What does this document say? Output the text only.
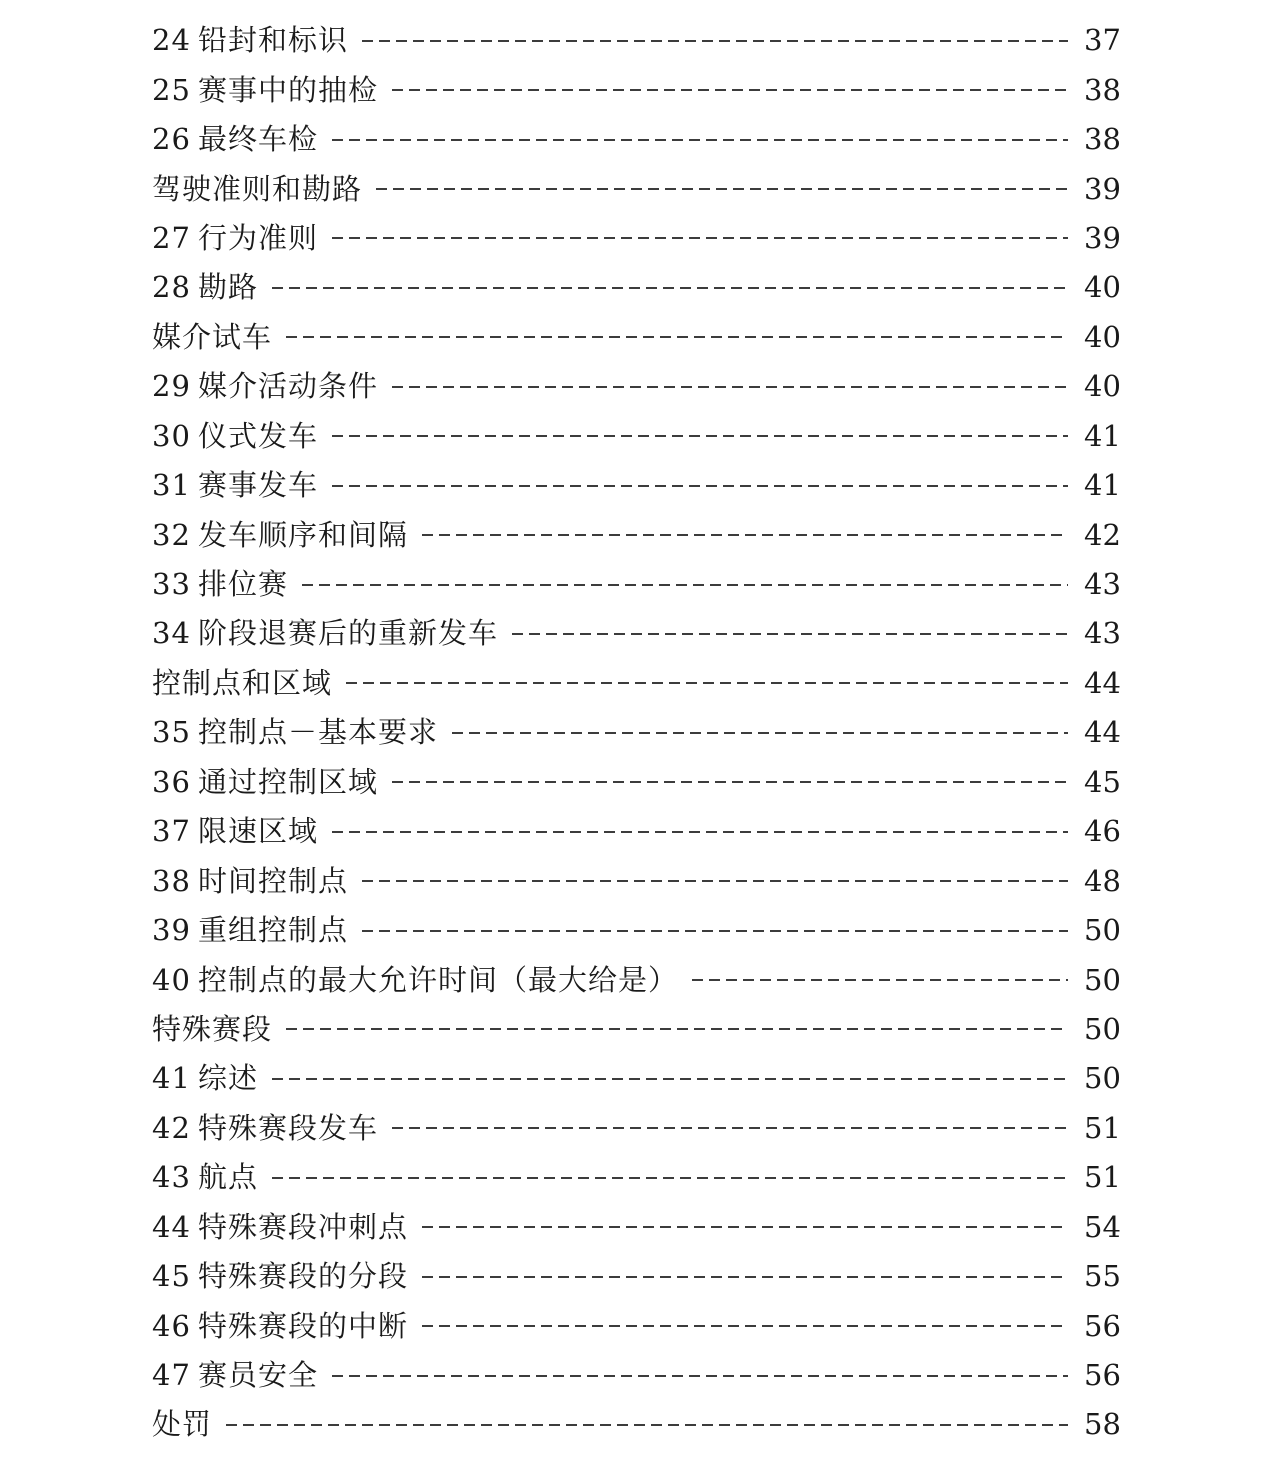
24 铅封和标识	37
25 赛事中的抽检	38
26 最终车检	38
驾驶准则和勘路	39
27 行为准则	39
28 勘路	40
媒介试车	40
29 媒介活动条件	40
30 仪式发车	41
31 赛事发车	41
32 发车顺序和间隔	42
33 排位赛	43
34 阶段退赛后的重新发车	43
控制点和区域	44
35 控制点－基本要求	44
36 通过控制区域	45
37 限速区域	46
38 时间控制点	48
39 重组控制点	50
40 控制点的最大允许时间（最大给是）	50
特殊赛段	50
41 综述	50
42 特殊赛段发车	51
43 航点	51
44 特殊赛段冲刺点	54
45 特殊赛段的分段	55
46 特殊赛段的中断	56
47 赛员安全	56
处罚	58
